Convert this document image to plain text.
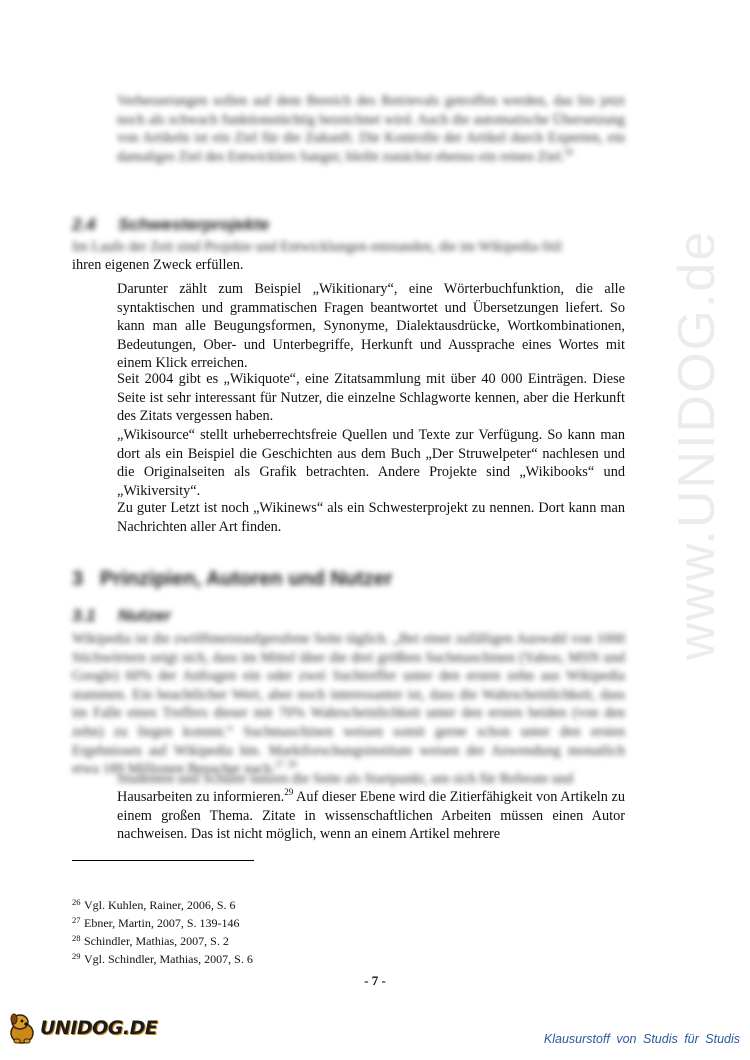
www.UNIDOG.de

Verbesserungen sollen auf dem Bereich des Retrievals getroffen werden, das bis jetzt noch als schwach funktionstüchtig bezeichnet wird. Auch die automatische Übersetzung von Artikeln ist ein Ziel für die Zukunft. Die Kontrolle der Artikel durch Experten, ein damaliges Ziel des Entwicklers Sanger, bleibt zunächst ebenso ein reines Ziel.$^{26}$

2.4 Schwesterprojekte

Im Laufe der Zeit sind Projekte und Entwicklungen entstanden, die im Wikipedia-Stil

ihren eigenen Zweck erfüllen.

Darunter zählt zum Beispiel „Wikitionary“, eine Wörterbuchfunktion, die alle syntaktischen und grammatischen Fragen beantwortet und Übersetzungen liefert. So kann man alle Beugungsformen, Synonyme, Dialektausdrücke, Wortkombinationen, Bedeutungen, Ober- und Unterbegriffe, Herkunft und Aussprache eines Wortes mit einem Klick erreichen.

Seit 2004 gibt es „Wikiquote“, eine Zitatsammlung mit über 40 000 Einträgen. Diese Seite ist sehr interessant für Nutzer, die einzelne Schlagworte kennen, aber die Herkunft des Zitats vergessen haben.

„Wikisource“ stellt urheberrechtsfreie Quellen und Texte zur Verfügung. So kann man dort als ein Beispiel die Geschichten aus dem Buch „Der Struwelpeter“ nachlesen und die Originalseiten als Grafik betrachten. Andere Projekte sind „Wikibooks“ und „Wikiversity“.

Zu guter Letzt ist noch „Wikinews“ als ein Schwesterprojekt zu nennen. Dort kann man Nachrichten aller Art finden.

3 Prinzipien, Autoren und Nutzer
3.1 Nutzer

Wikipedia ist die zwölftmeistaufgerufene Seite täglich. „Bei einer zufälligen Auswahl von 1000 Stichwörtern zeigt sich, dass im Mittel über die drei größten Suchmaschinen (Yahoo, MSN und Google) 60% der Anfragen ein oder zwei Suchtreffer unter den ersten zehn aus Wikipedia stammen. Ein beachtlicher Wert, aber noch interessanter ist, dass die Wahrscheinlichkeit, dass im Falle eines Treffers dieser mit 70% Wahrscheinlichkeit unter den ersten beiden (von den zehn) zu liegen kommt.“ Suchmaschinen weisen somit gerne schon unter den ersten Ergebnissen auf Wikipedia hin. Marktforschungsinstitute weisen der Anwendung monatlich etwa 189 Millionen Besucher nach.$^{27}$ $^{28}$

Studenten und Schüler nutzen die Seite als Startpunkt, um sich für Referate und

Hausarbeiten zu informieren.$^{29}$ Auf dieser Ebene wird die Zitierfähigkeit von Artikeln zu einem großen Thema. Zitate in wissenschaftlichen Arbeiten müssen einen Autor nachweisen. Das ist nicht möglich, wenn an einem Artikel mehrere

26 Vgl. Kuhlen, Rainer, 2006, S. 6
27 Ebner, Martin, 2007, S. 139-146
28 Schindler, Mathias, 2007, S. 2
29 Vgl. Schindler, Mathias, 2007, S. 6
- 7 -
UNIDOG.DE	Klausurstoff von Studis für Studis
